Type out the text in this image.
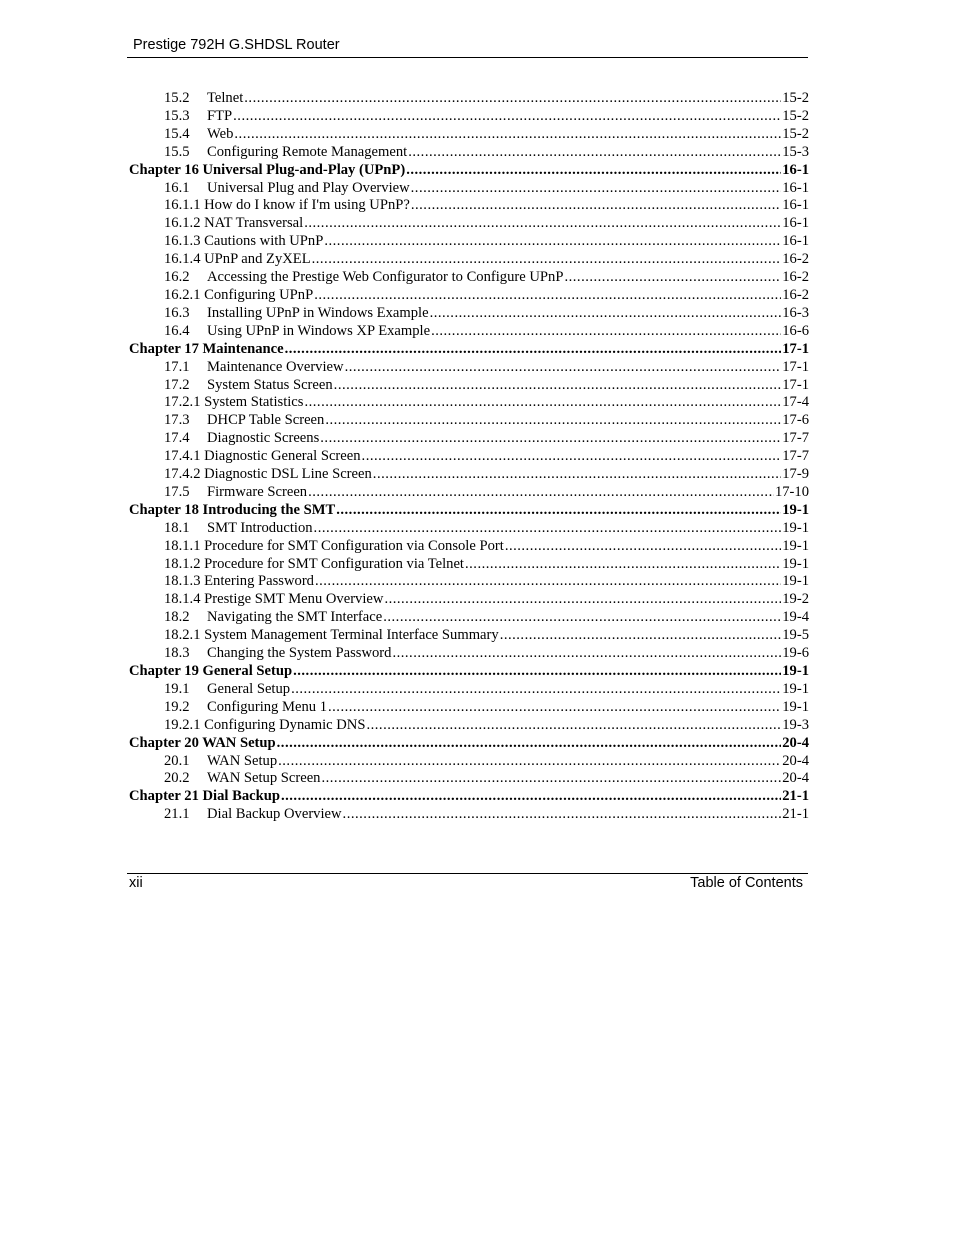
Prestige 792H G.SHDSL Router
15.2	Telnet .....	15-2
15.3	FTP .....	15-2
15.4	Web .....	15-2
15.5	Configuring Remote Management .....	15-3
Chapter 16 Universal Plug-and-Play (UPnP) .....	16-1
16.1	Universal Plug and Play Overview .....	16-1
16.1.1 How do I know if I'm using UPnP? .....	16-1
16.1.2 NAT Transversal .....	16-1
16.1.3 Cautions with UPnP .....	16-1
16.1.4 UPnP and ZyXEL .....	16-2
16.2	Accessing the Prestige Web Configurator to Configure UPnP .....	16-2
16.2.1 Configuring UPnP .....	16-2
16.3	Installing UPnP in Windows Example .....	16-3
16.4	Using UPnP in Windows XP Example .....	16-6
Chapter 17 Maintenance .....	17-1
17.1	Maintenance Overview .....	17-1
17.2	System Status Screen .....	17-1
17.2.1 System Statistics .....	17-4
17.3	DHCP Table Screen .....	17-6
17.4	Diagnostic Screens .....	17-7
17.4.1 Diagnostic General Screen .....	17-7
17.4.2 Diagnostic DSL Line Screen .....	17-9
17.5	Firmware Screen .....	17-10
Chapter 18 Introducing the SMT .....	19-1
18.1	SMT Introduction .....	19-1
18.1.1 Procedure for SMT Configuration via Console Port .....	19-1
18.1.2 Procedure for SMT Configuration via Telnet .....	19-1
18.1.3 Entering Password .....	19-1
18.1.4 Prestige SMT Menu Overview .....	19-2
18.2	Navigating the SMT Interface .....	19-4
18.2.1 System Management Terminal Interface Summary .....	19-5
18.3	Changing the System Password .....	19-6
Chapter 19 General Setup .....	19-1
19.1	General Setup .....	19-1
19.2	Configuring Menu 1 .....	19-1
19.2.1 Configuring Dynamic DNS .....	19-3
Chapter 20 WAN Setup .....	20-4
20.1	WAN Setup .....	20-4
20.2	WAN Setup Screen .....	20-4
Chapter 21 Dial Backup .....	21-1
21.1	Dial Backup Overview .....	21-1
xii	Table of Contents
